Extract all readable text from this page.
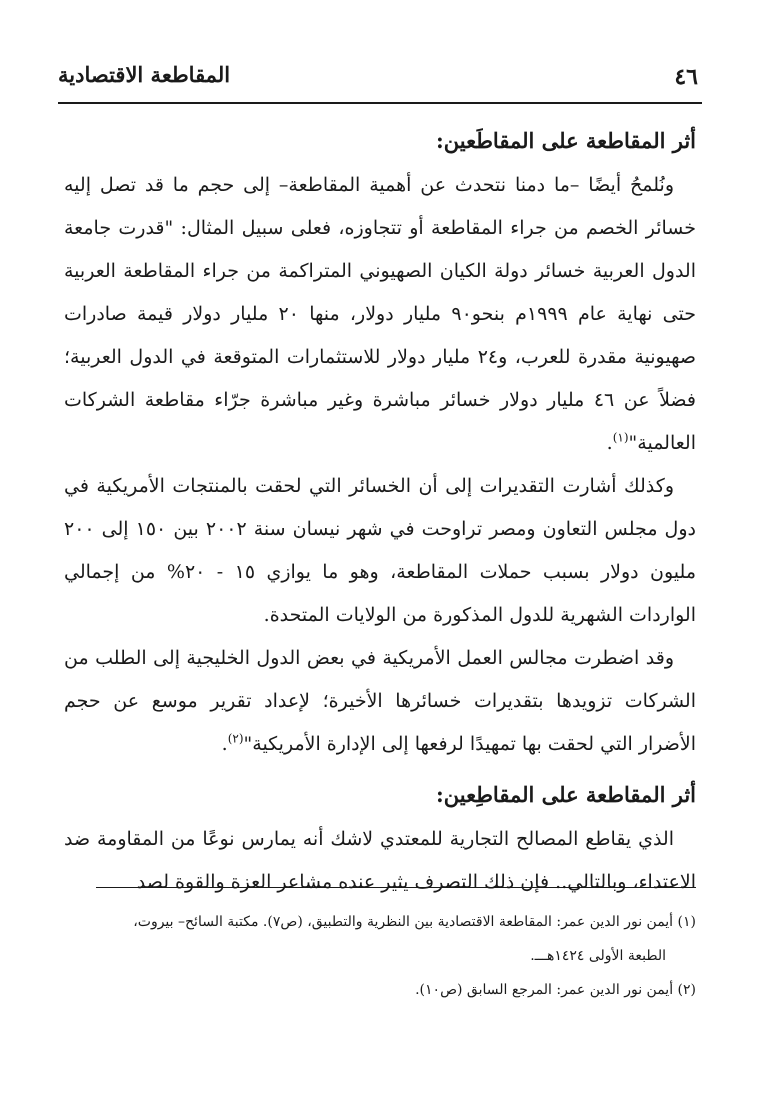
المقاطعة الاقتصادية	٤٦

أثر المقاطعة على المقاطَعين:

ونُلمحُ أيضًا –ما دمنا نتحدث عن أهمية المقاطعة– إلى حجم ما قد تصل إليه خسائر الخصم من جراء المقاطعة أو تتجاوزه، فعلى سبيل المثال: "قدرت جامعة الدول العربية خسائر دولة الكيان الصهيوني المتراكمة من جراء المقاطعة العربية حتى نهاية عام ١٩٩٩م بنحو٩٠ مليار دولار، منها ٢٠ مليار دولار قيمة صادرات صهيونية مقدرة للعرب، و٢٤ مليار دولار للاستثمارات المتوقعة في الدول العربية؛ فضلاً عن ٤٦ مليار دولار خسائر مباشرة وغير مباشرة جرّاء مقاطعة الشركات العالمية"$^{(١)}$.

وكذلك أشارت التقديرات إلى أن الخسائر التي لحقت بالمنتجات الأمريكية في دول مجلس التعاون ومصر تراوحت في شهر نيسان سنة ٢٠٠٢ بين ١٥٠ إلى ٢٠٠ مليون دولار بسبب حملات المقاطعة، وهو ما يوازي ١٥ - ٢٠% من إجمالي الواردات الشهرية للدول المذكورة من الولايات المتحدة.

وقد اضطرت مجالس العمل الأمريكية في بعض الدول الخليجية إلى الطلب من الشركات تزويدها بتقديرات خسائرها الأخيرة؛ لإعداد تقرير موسع عن حجم الأضرار التي لحقت بها تمهيدًا لرفعها إلى الإدارة الأمريكية"$^{(٢)}$.

أثر المقاطعة على المقاطِعين:

الذي يقاطع المصالح التجارية للمعتدي لاشك أنه يمارس نوعًا من المقاومة ضد الاعتداء، وبالتالي.. فإن ذلك التصرف يثير عنده مشاعر العزة والقوة لصد

(١) أيمن نور الدين عمر: المقاطعة الاقتصادية بين النظرية والتطبيق، (ص٧). مكتبة السائح– بيروت،

الطبعة الأولى ١٤٢٤هـــ.

(٢) أيمن نور الدين عمر: المرجع السابق (ص١٠).
